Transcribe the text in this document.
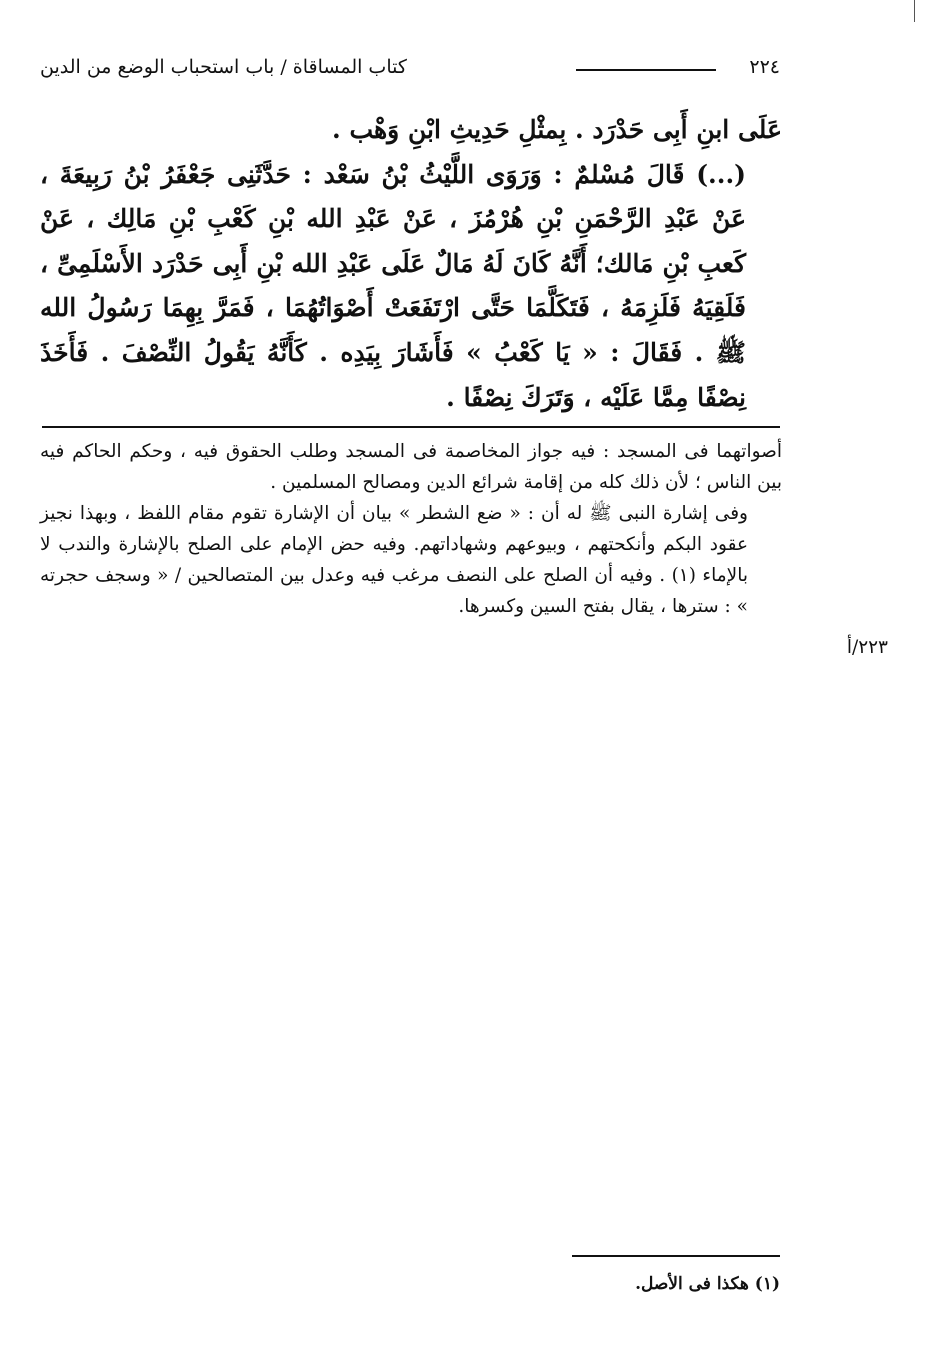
٢٢٤
كتاب المساقاة / باب استحباب الوضع من الدين

عَلَى ابنِ أَبِى حَدْرَد . بِمثْلِ حَدِيثِ ابْنِ وَهْب .

(...) قَالَ مُسْلمٌ : وَرَوَى اللَّيْثُ بْنُ سَعْد : حَدَّثَنِى جَعْفَرُ بْنُ رَبِيعَةَ ، عَنْ عَبْدِ الرَّحْمَنِ بْنِ هُرْمُزَ ، عَنْ عَبْدِ الله بْنِ كَعْبِ بْنِ مَالِك ، عَنْ كَعبِ بْنِ مَالك؛ أَنَّهُ كَانَ لَهُ مَالٌ عَلَى عَبْدِ الله بْنِ أَبِى حَدْرَد الأَسْلَمِىِّ ، فَلَقِيَهُ فَلَزِمَهُ ، فَتَكَلَّمَا حَتَّى ارْتَفَعَتْ أَصْوَاتُهُمَا ، فَمَرَّ بِهِمَا رَسُولُ الله ﷺ . فَقَالَ : « يَا كَعْبُ » فَأَشَارَ بِيَدِه . كَأَنَّهُ يَقُولُ النِّصْفَ . فَأَخَذَ نِصْفًا مِمَّا عَلَيْه ، وَتَرَكَ نِصْفًا .

أصواتهما فى المسجد : فيه جواز المخاصمة فى المسجد وطلب الحقوق فيه ، وحكم الحاكم فيه بين الناس ؛ لأن ذلك كله من إقامة شرائع الدين ومصالح المسلمين .

وفى إشارة النبى ﷺ له أن : « ضع الشطر » بيان أن الإشارة تقوم مقام اللفظ ، وبهذا نجيز عقود البكم وأنكحتهم ، وبيوعهم وشهاداتهم. وفيه حض الإمام على الصلح بالإشارة والندب لا بالإماء (١) . وفيه أن الصلح على النصف مرغب فيه وعدل بين المتصالحين / « وسجف حجرته » : سترها ، يقال بفتح السين وكسرها.

٢٢٣/أ
(١) هكذا فى الأصل.
